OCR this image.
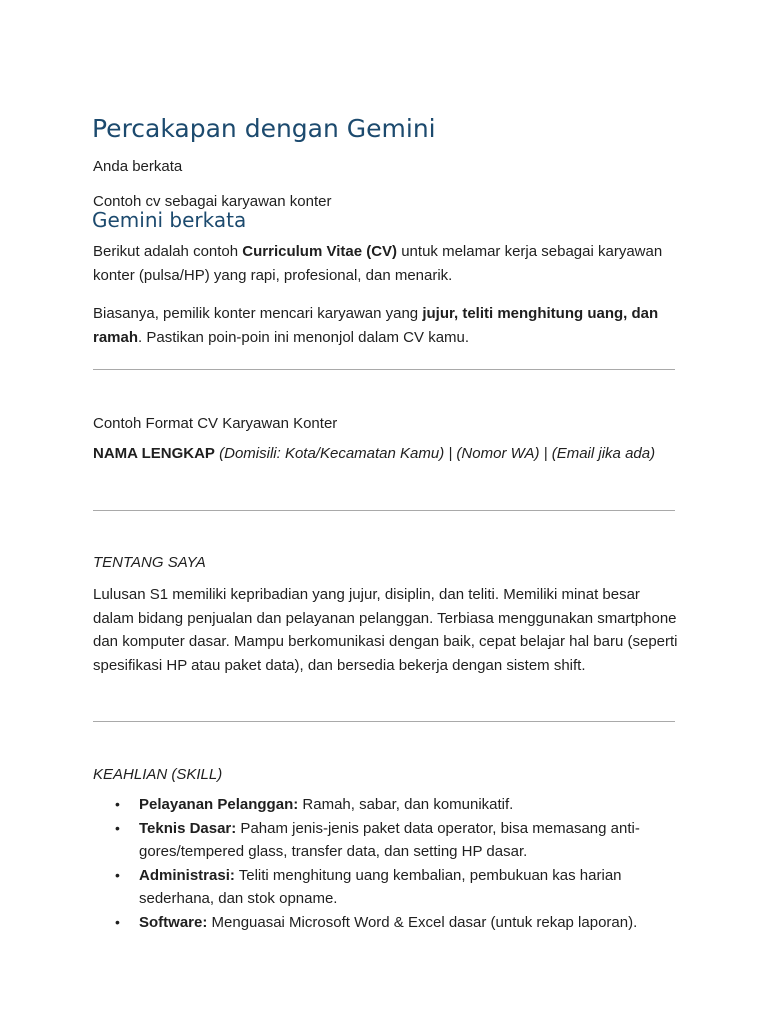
Percakapan dengan Gemini

Anda berkata

Contoh cv sebagai karyawan konter

Gemini berkata

Berikut adalah contoh Curriculum Vitae (CV) untuk melamar kerja sebagai karyawan konter (pulsa/HP) yang rapi, profesional, dan menarik.

Biasanya, pemilik konter mencari karyawan yang jujur, teliti menghitung uang, dan ramah. Pastikan poin-poin ini menonjol dalam CV kamu.

Contoh Format CV Karyawan Konter

NAMA LENGKAP (Domisili: Kota/Kecamatan Kamu) | (Nomor WA) | (Email jika ada)

TENTANG SAYA

Lulusan S1 memiliki kepribadian yang jujur, disiplin, dan teliti. Memiliki minat besar dalam bidang penjualan dan pelayanan pelanggan. Terbiasa menggunakan smartphone dan komputer dasar. Mampu berkomunikasi dengan baik, cepat belajar hal baru (seperti spesifikasi HP atau paket data), dan bersedia bekerja dengan sistem shift.

KEAHLIAN (SKILL)

• Pelayanan Pelanggan: Ramah, sabar, dan komunikatif.
• Teknis Dasar: Paham jenis-jenis paket data operator, bisa memasang anti-gores/tempered glass, transfer data, dan setting HP dasar.
• Administrasi: Teliti menghitung uang kembalian, pembukuan kas harian sederhana, dan stok opname.
• Software: Menguasai Microsoft Word & Excel dasar (untuk rekap laporan).
